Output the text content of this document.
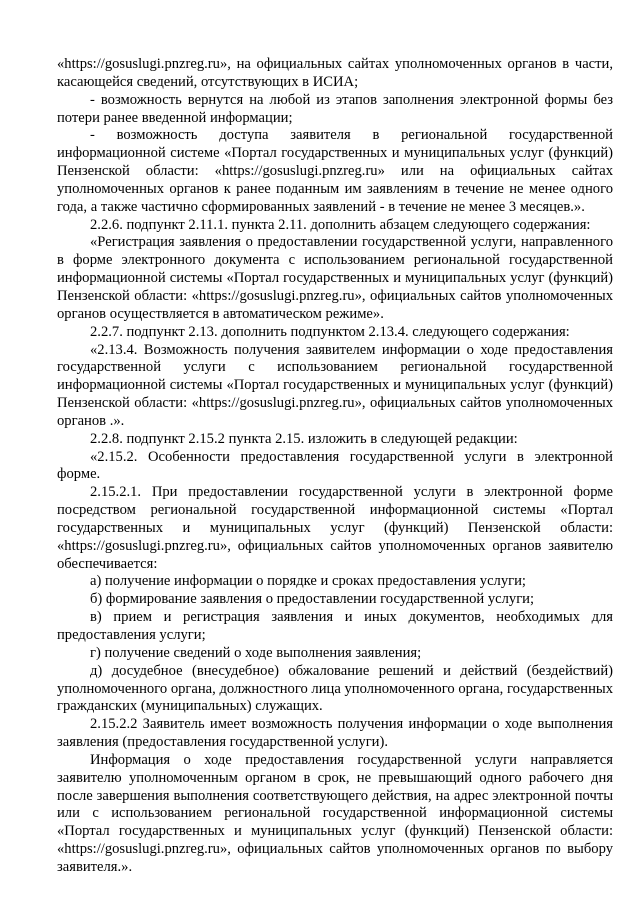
«https://gosuslugi.pnzreg.ru», на официальных сайтах уполномоченных органов в части, касающейся сведений, отсутствующих в ИСИА;

- возможность вернутся на любой из этапов заполнения электронной формы без потери ранее введенной информации;

- возможность доступа заявителя в региональной государственной информационной системе «Портал государственных и муниципальных услуг (функций) Пензенской области: «https://gosuslugi.pnzreg.ru» или на официальных сайтах уполномоченных органов к ранее поданным им заявлениям в течение не менее одного года, а также частично сформированных заявлений - в течение не менее 3 месяцев.».

2.2.6. подпункт 2.11.1. пункта 2.11. дополнить абзацем следующего содержания:

«Регистрация заявления о предоставлении государственной услуги, направленного в форме электронного документа с использованием региональной государственной информационной системы «Портал государственных и муниципальных услуг (функций) Пензенской области: «https://gosuslugi.pnzreg.ru», официальных сайтов уполномоченных органов осуществляется в автоматическом режиме».

2.2.7. подпункт 2.13. дополнить подпунктом 2.13.4. следующего содержания:

«2.13.4. Возможность получения заявителем информации о ходе предоставления государственной услуги с использованием региональной государственной информационной системы «Портал государственных и муниципальных услуг (функций) Пензенской области: «https://gosuslugi.pnzreg.ru», официальных сайтов уполномоченных органов .».

2.2.8. подпункт 2.15.2 пункта 2.15. изложить в следующей редакции:

«2.15.2. Особенности предоставления государственной услуги в электронной форме.

2.15.2.1. При предоставлении государственной услуги в электронной форме посредством региональной государственной информационной системы «Портал государственных и муниципальных услуг (функций) Пензенской области: «https://gosuslugi.pnzreg.ru», официальных сайтов уполномоченных органов заявителю обеспечивается:

а) получение информации о порядке и сроках предоставления услуги;

б) формирование заявления о предоставлении государственной услуги;

в) прием и регистрация заявления и иных документов, необходимых для предоставления услуги;

г) получение сведений о ходе выполнения заявления;

д) досудебное (внесудебное) обжалование решений и действий (бездействий) уполномоченного органа, должностного лица уполномоченного органа, государственных гражданских (муниципальных) служащих.

2.15.2.2 Заявитель имеет возможность получения информации о ходе выполнения заявления (предоставления государственной услуги).

Информация о ходе предоставления государственной услуги направляется заявителю уполномоченным органом в срок, не превышающий одного рабочего дня после завершения выполнения соответствующего действия, на адрес электронной почты или с использованием региональной государственной информационной системы «Портал государственных и муниципальных услуг (функций) Пензенской области: «https://gosuslugi.pnzreg.ru», официальных сайтов уполномоченных органов по выбору заявителя.».
